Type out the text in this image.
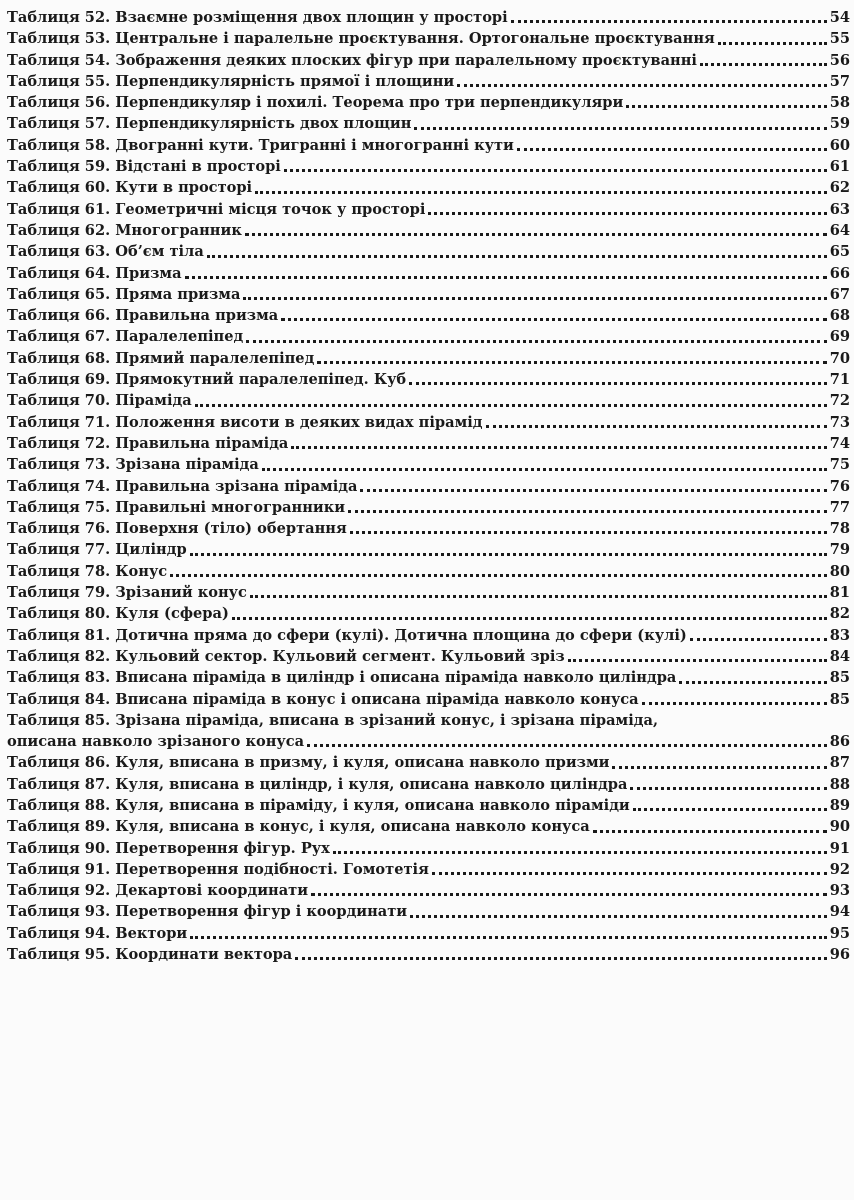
Таблиця 52. Взаємне розміщення двох площин у просторі	54
Таблиця 53. Центральне і паралельне проєктування. Ортогональне проєктування	55
Таблиця 54. Зображення деяких плоских фігур при паралельному проєктуванні	56
Таблиця 55. Перпендикулярність прямої і площини	57
Таблиця 56. Перпендикуляр і похилі. Теорема про три перпендикуляри	58
Таблиця 57. Перпендикулярність двох площин	59
Таблиця 58. Двогранні кути. Тригранні і многогранні кути	60
Таблиця 59. Відстані в просторі	61
Таблиця 60. Кути в просторі	62
Таблиця 61. Геометричні місця точок у просторі	63
Таблиця 62. Многогранник	64
Таблиця 63. Об’єм тіла	65
Таблиця 64. Призма	66
Таблиця 65. Пряма призма	67
Таблиця 66. Правильна призма	68
Таблиця 67. Паралелепіпед	69
Таблиця 68. Прямий паралелепіпед	70
Таблиця 69. Прямокутний паралелепіпед. Куб	71
Таблиця 70. Піраміда	72
Таблиця 71. Положення висоти в деяких видах пірамід	73
Таблиця 72. Правильна піраміда	74
Таблиця 73. Зрізана піраміда	75
Таблиця 74. Правильна зрізана піраміда	76
Таблиця 75. Правильні многогранники	77
Таблиця 76. Поверхня (тіло) обертання	78
Таблиця 77. Циліндр	79
Таблиця 78. Конус	80
Таблиця 79. Зрізаний конус	81
Таблиця 80. Куля (сфера)	82
Таблиця 81. Дотична пряма до сфери (кулі). Дотична площина до сфери (кулі)	83
Таблиця 82. Кульовий сектор. Кульовий сегмент. Кульовий зріз	84
Таблиця 83. Вписана піраміда в циліндр і описана піраміда навколо циліндра	85
Таблиця 84. Вписана піраміда в конус і описана піраміда навколо конуса	85
Таблиця 85. Зрізана піраміда, вписана в зрізаний конус, і зрізана піраміда,
описана навколо зрізаного конуса	86
Таблиця 86. Куля, вписана в призму, і куля, описана навколо призми	87
Таблиця 87. Куля, вписана в циліндр, і куля, описана навколо циліндра	88
Таблиця 88. Куля, вписана в піраміду, і куля, описана навколо піраміди	89
Таблиця 89. Куля, вписана в конус, і куля, описана навколо конуса	90
Таблиця 90. Перетворення фігур. Рух	91
Таблиця 91. Перетворення подібності. Гомотетія	92
Таблиця 92. Декартові координати	93
Таблиця 93. Перетворення фігур і координати	94
Таблиця 94. Вектори	95
Таблиця 95. Координати вектора	96
